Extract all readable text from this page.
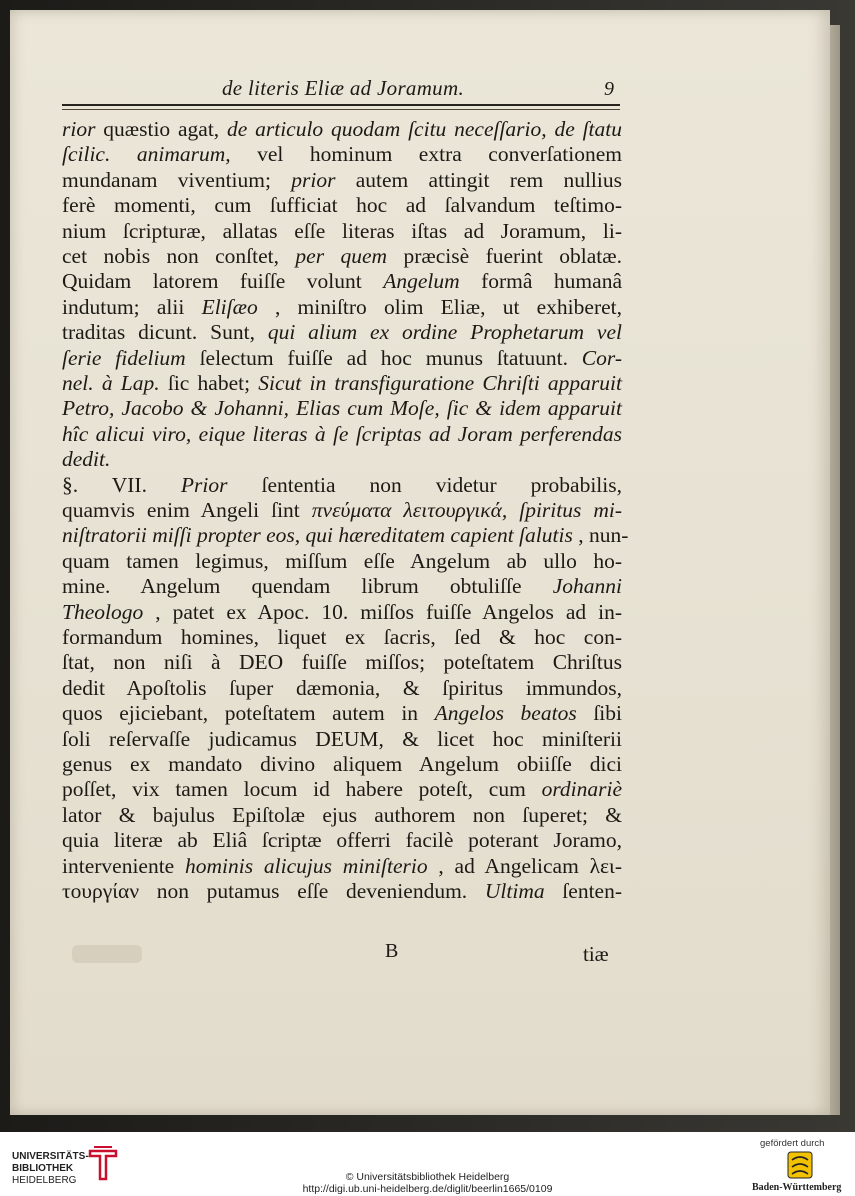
de literis Eliæ ad Joramum.	9
rior quæstio agat, de articulo quodam ſcitu neceſſario, de ſtatu
ſcilic. animarum, vel hominum extra converſationem
mundanam viventium; prior autem attingit rem nullius
ferè momenti, cum ſufficiat hoc ad ſalvandum teſtimo-
nium ſcripturæ, allatas eſſe literas iſtas ad Joramum, li-
cet nobis non conſtet, per quem præcisè fuerint oblatæ.
Quidam latorem fuiſſe volunt Angelum formâ humanâ
indutum; alii Eliſæo , miniſtro olim Eliæ, ut exhiberet,
traditas dicunt. Sunt, qui alium ex ordine Prophetarum vel
ſerie fidelium ſelectum fuiſſe ad hoc munus ſtatuunt. Cor-
nel. à Lap. ſic habet; Sicut in transfiguratione Chriſti apparuit
Petro, Jacobo & Johanni, Elias cum Moſe, ſic & idem apparuit
hîc alicui viro, eique literas à ſe ſcriptas ad Joram perferendas
dedit.
§. VII. Prior ſententia non videtur probabilis,
quamvis enim Angeli ſint πνεύματα λειτουργικά, ſpiritus mi-
niſtratorii miſſi propter eos, qui hæreditatem capient ſalutis , nun-
quam tamen legimus, miſſum eſſe Angelum ab ullo ho-
mine. Angelum quendam librum obtuliſſe Johanni
Theologo , patet ex Apoc. 10. miſſos fuiſſe Angelos ad in-
formandum homines, liquet ex ſacris, ſed & hoc con-
ſtat, non niſi à DEO fuiſſe miſſos; poteſtatem Chriſtus
dedit Apoſtolis ſuper dæmonia, & ſpiritus immundos,
quos ejiciebant, poteſtatem autem in Angelos beatos ſibi
ſoli reſervaſſe judicamus DEUM, & licet hoc miniſterii
genus ex mandato divino aliquem Angelum obiiſſe dici
poſſet, vix tamen locum id habere poteſt, cum ordinariè
lator & bajulus Epiſtolæ ejus authorem non ſuperet; &
quia literæ ab Eliâ ſcriptæ offerri facilè poterant Joramo,
interveniente hominis alicujus miniſterio , ad Angelicam λει-
τουργίαν non putamus eſſe deveniendum. Ultima ſenten-
B	tiæ
UNIVERSITÄTS-
BIBLIOTHEK
HEIDELBERG	© Universitätsbibliothek Heidelberg
http://digi.ub.uni-heidelberg.de/diglit/beerlin1665/0109
gefördert durch
Baden-Württemberg
